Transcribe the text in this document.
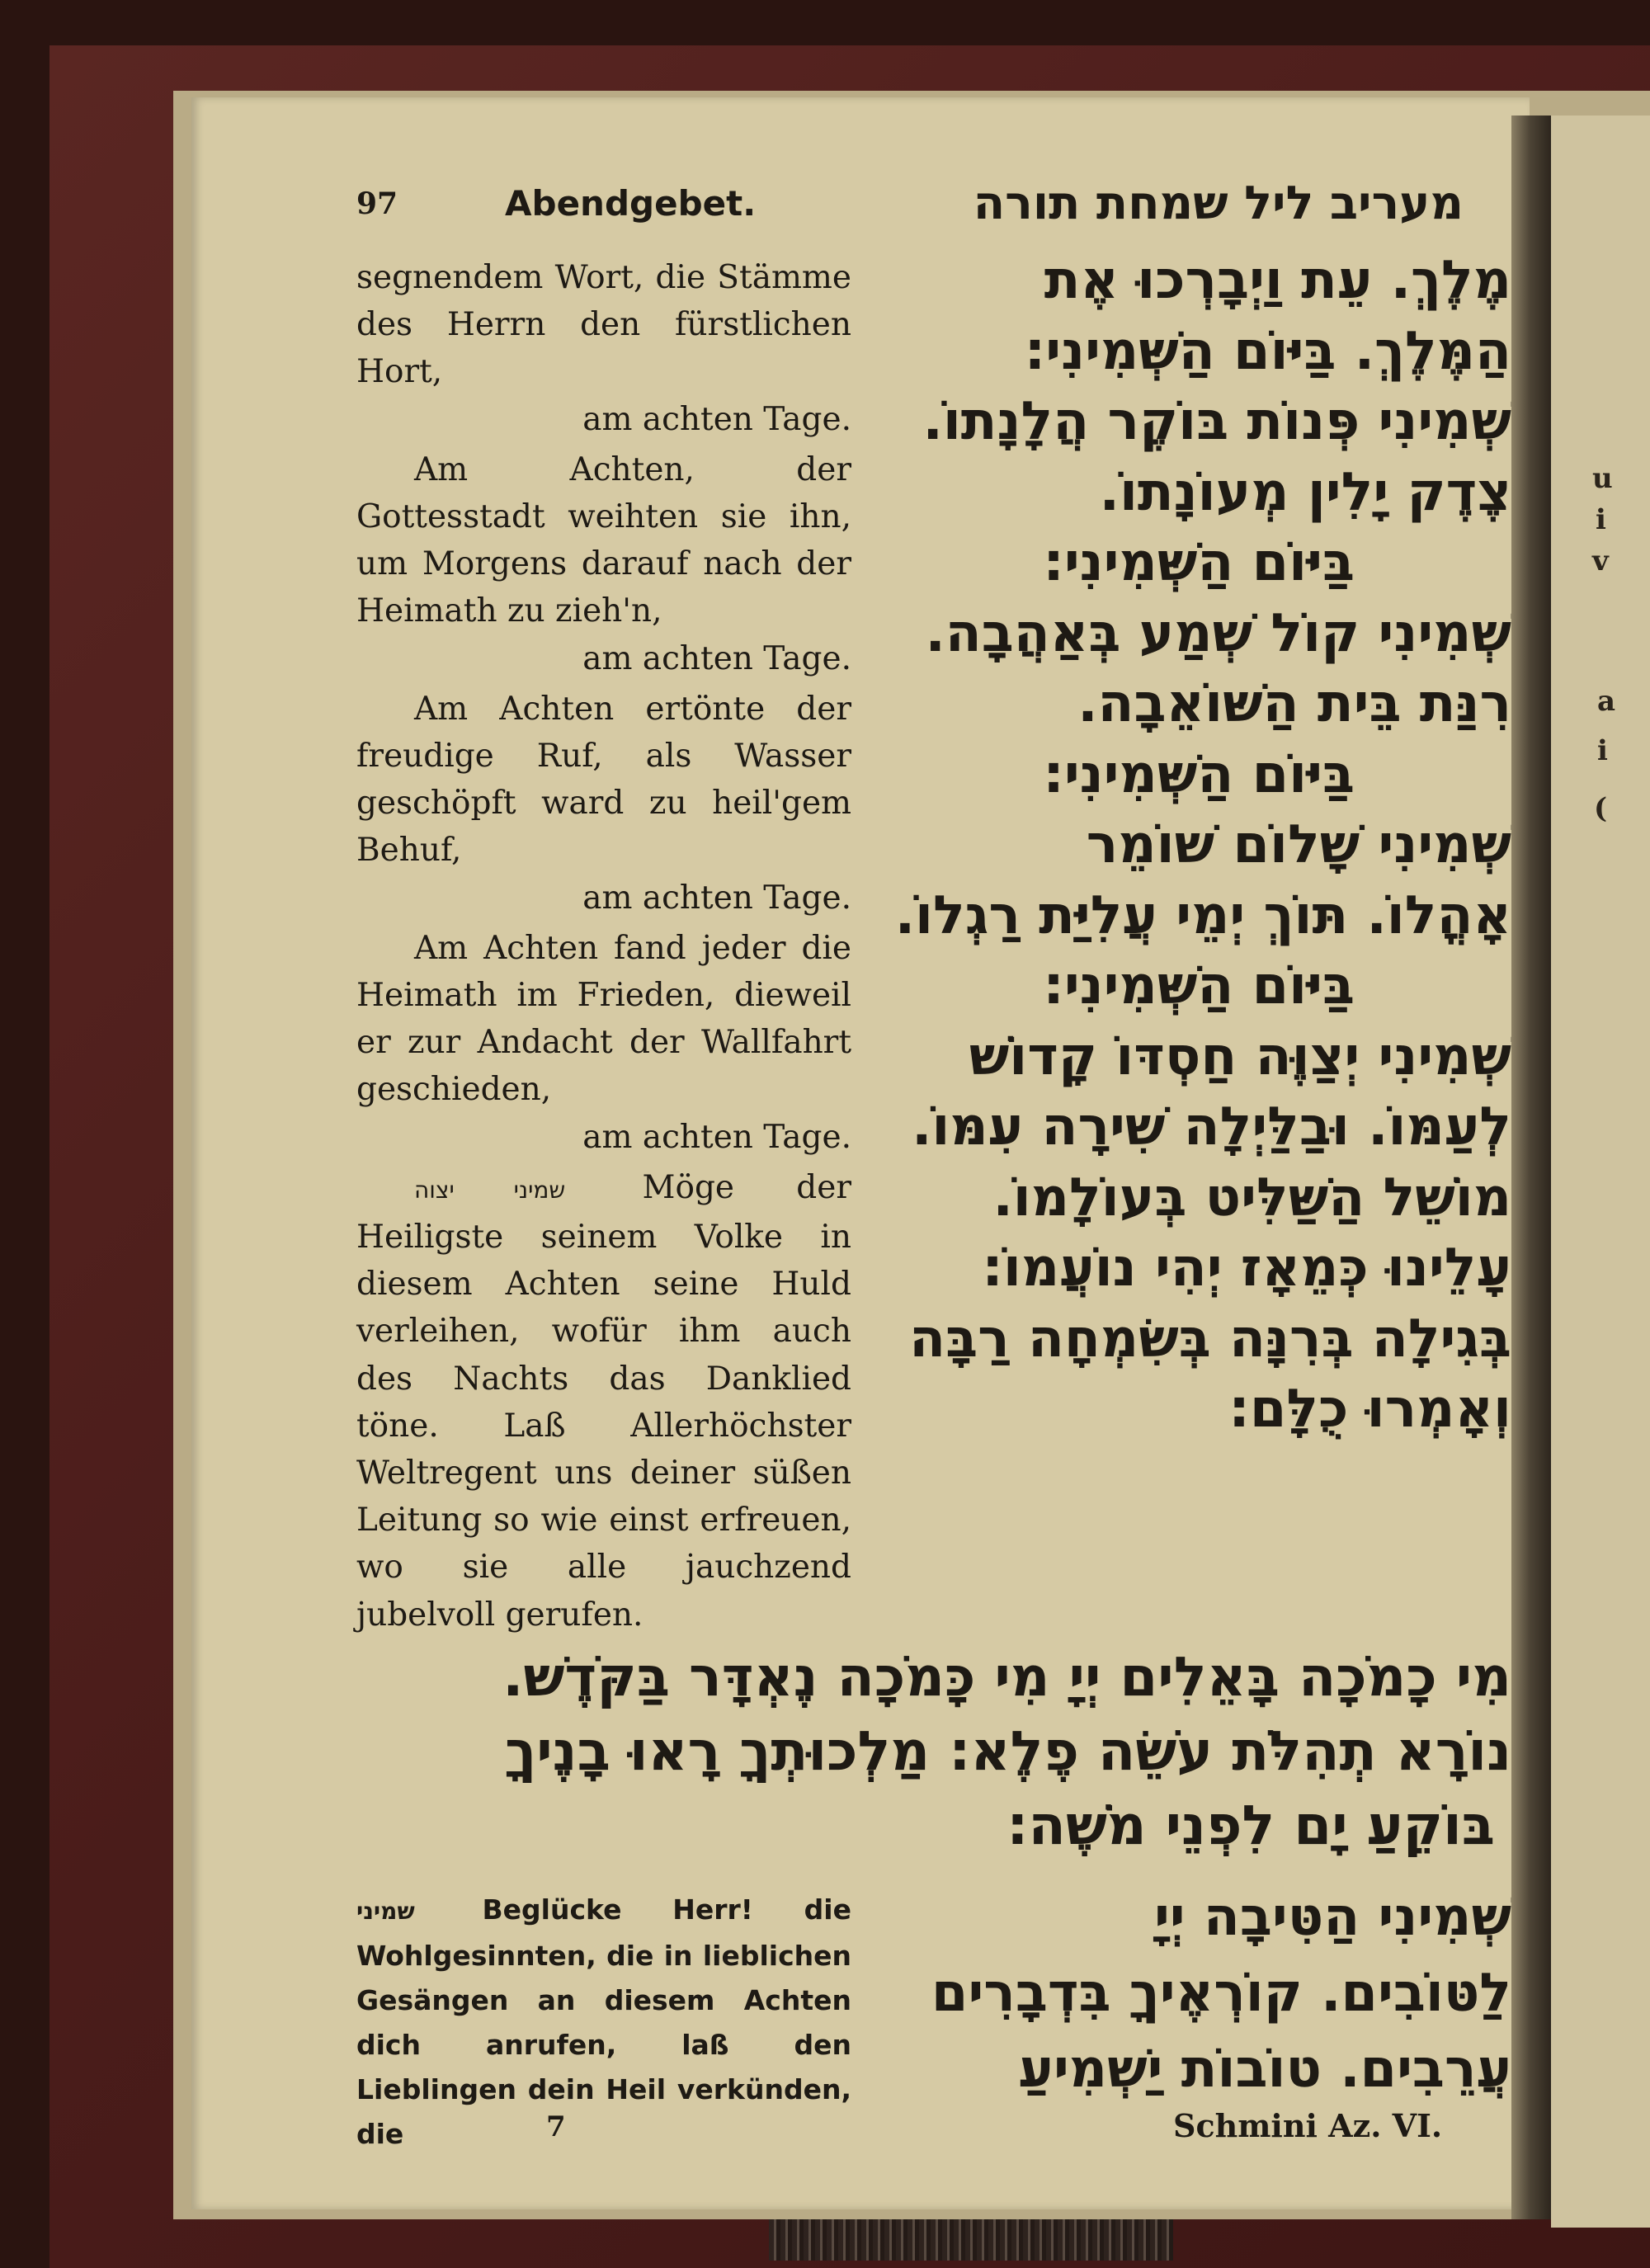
97	Abendgebet.	מעריב ליל שמחת תורה

segnendem Wort, die Stämme des Herrn den fürstlichen Hort,
am achten Tage.

Am Achten, der Gottesstadt weihten sie ihn, um Morgens darauf nach der Heimath zu zieh'n,
am achten Tage.

Am Achten ertönte der freudige Ruf, als Wasser geschöpft ward zu heil'gem Behuf,
am achten Tage.

Am Achten fand jeder die Heimath im Frieden, dieweil er zur Andacht der Wallfahrt geschieden,
am achten Tage.

שמיני יצוה Möge der Heiligste seinem Volke in diesem Achten seine Huld verleihen, wofür ihm auch des Nachts das Danklied töne. Laß Allerhöchster Weltregent uns deiner süßen Leitung so wie einst erfreuen, wo sie alle jauchzend jubelvoll gerufen.

מֶלֶךְ. עֵת וַיְבָרְכוּ אֶת
הַמֶּלֶךְ. בַּיּוֹם הַשְּׁמִינִי:
שְׁמִינִי פְּנוֹת בּוֹקֶר הֲלָנָתוֹ.
צֶדֶק יָלִין מְעוֹנָתוֹ.
בַּיּוֹם הַשְּׁמִינִי:
שְׁמִינִי קוֹל שְׁמַע בְּאַהֲבָה.
רִנַּת בֵּית הַשּׁוֹאֵבָה.
בַּיּוֹם הַשְּׁמִינִי:
שְׁמִינִי שָׁלוֹם שׁוֹמֵר
אָהֳלוֹ. תּוֹךְ יְמֵי עֲלִיַּת רַגְלוֹ.
בַּיּוֹם הַשְּׁמִינִי:
שְׁמִינִי יְצַוֶּה חַסְדּוֹ קָדוֹשׁ
לְעַמּוֹ. וּבַלַּיְלָה שִׁירָה עִמּוֹ.
מוֹשֵׁל הַשַּׁלִּיט בְּעוֹלָמוֹ.
עָלֵינוּ כְּמֵאָז יְהִי נוֹעֲמוֹ:
בְּגִילָה בְּרִנָּה בְּשִׂמְחָה רַבָּה
וְאָמְרוּ כֻלָּם:
מִי כָמֹכָה בָּאֵלִים יְיָ מִי כָּמֹכָה נֶאְדָּר בַּקֹּדֶשׁ.
נוֹרָא תְהִלֹּת עֹשֵׂה פֶלֶא: מַלְכוּתְךָ רָאוּ בָנֶיךָ
בּוֹקֵעַ יָם לִפְנֵי מֹשֶׁה:
שמיני Beglücke Herr! die Wohlgesinnten, die in lieblichen Gesängen an diesem Achten dich anrufen, laß den Lieblingen dein Heil verkünden, die
שְׁמִינִי הַטִּיבָה יְיָ
לַטּוֹבִים. קוֹרְאֶיךָ בִּדְבָרִים
עֲרֵבִים. טוֹבוֹת יַשְׁמִיעַ
7	Schmini Az. VI.
u
i
v
a
i
(
